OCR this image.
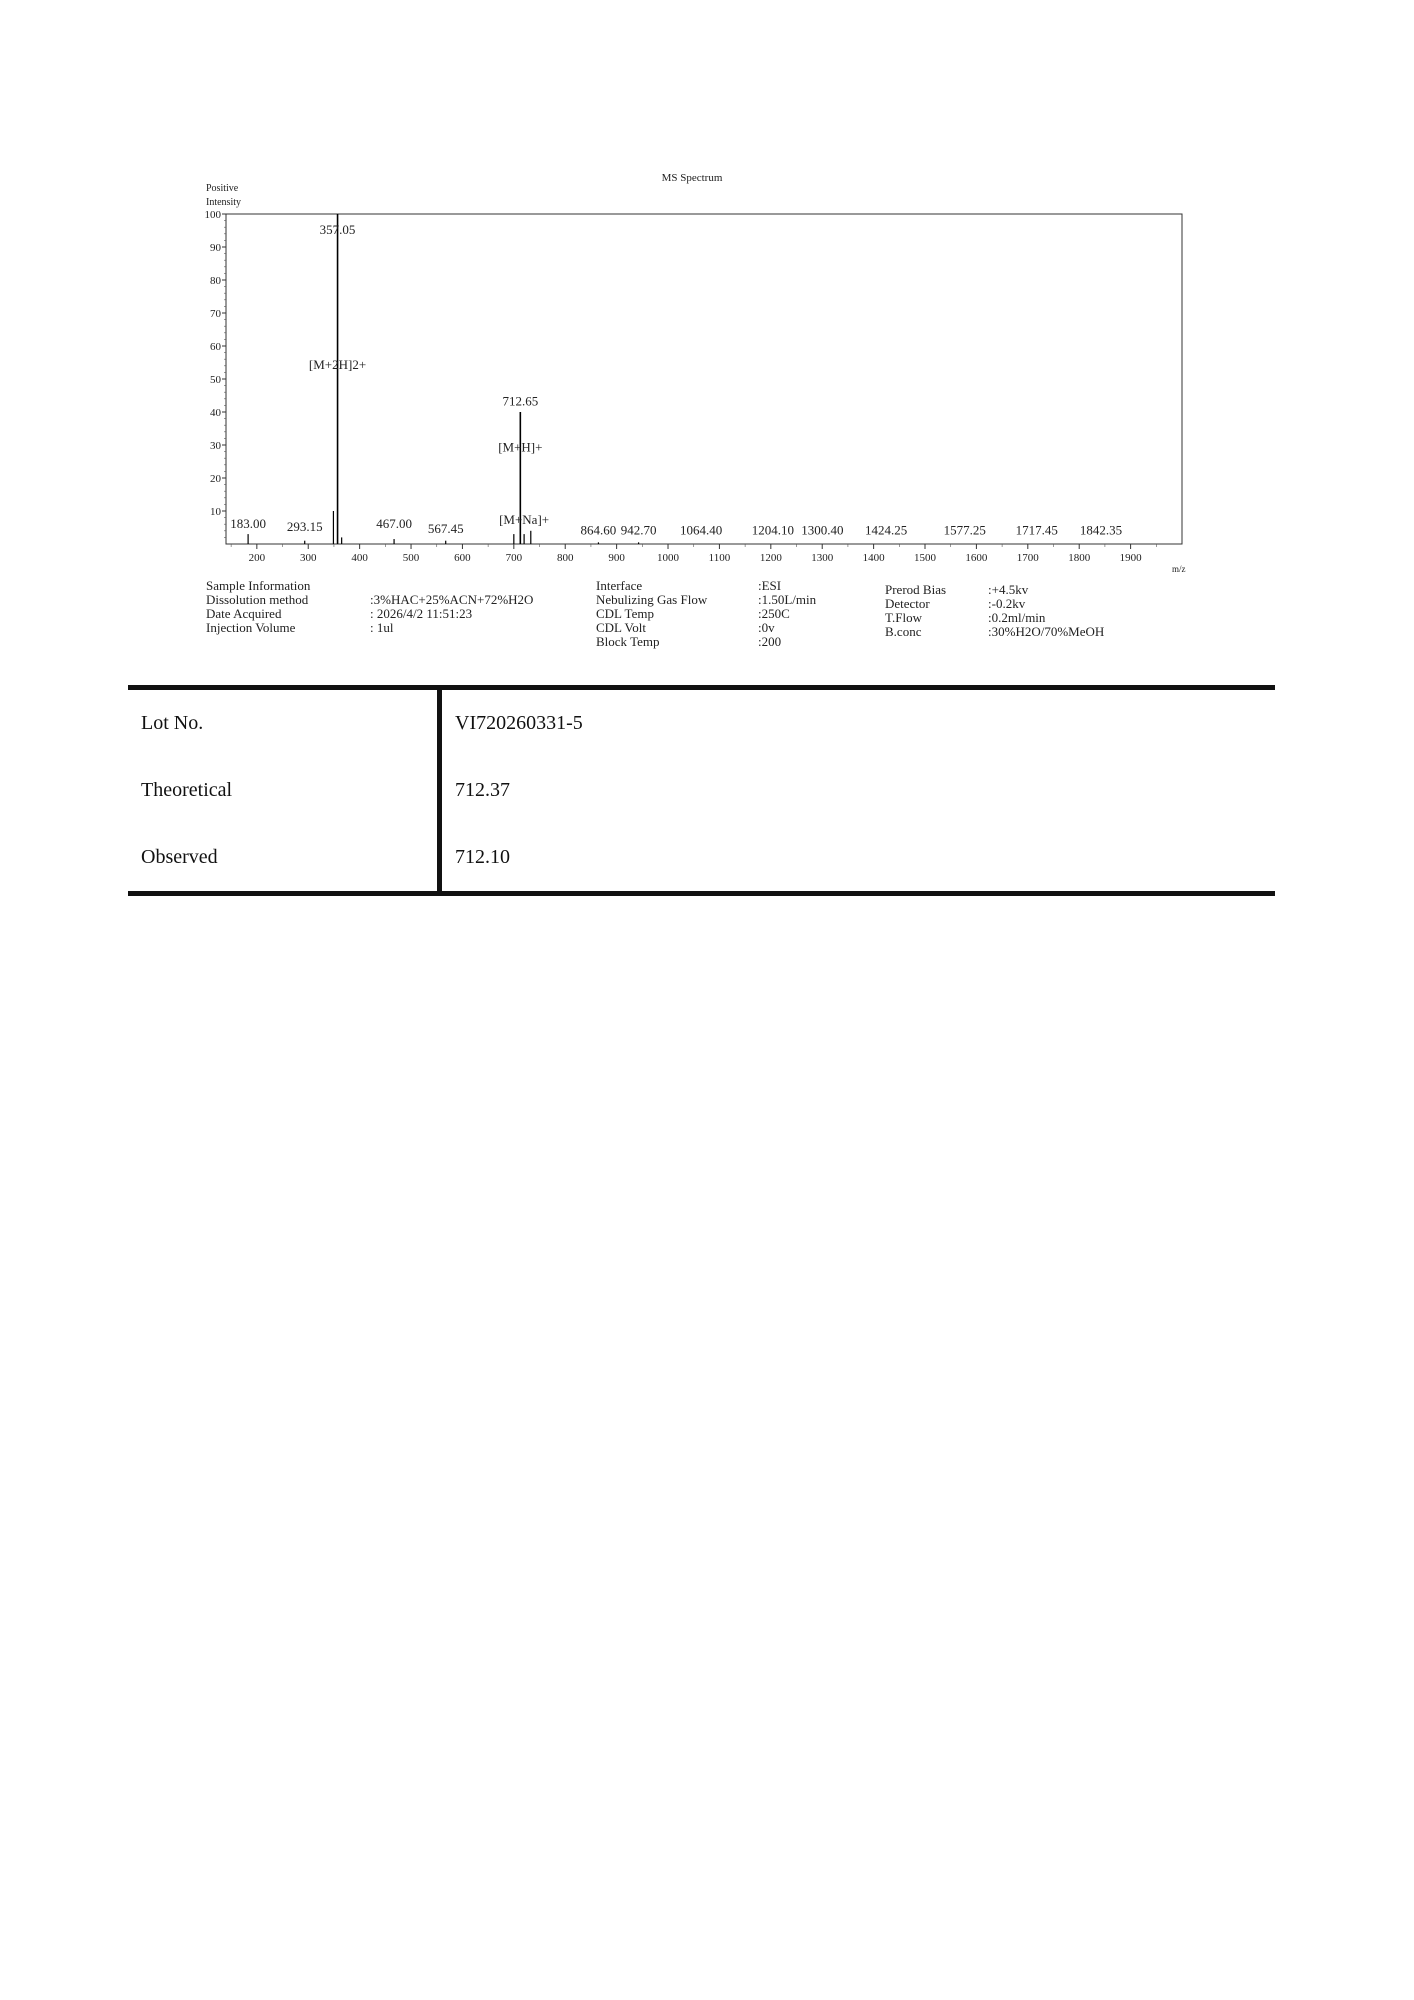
MS Spectrum
Positive
Intensity
m/z
10
20
30
40
50
60
70
80
90
100
200	300	400	500	600	700	800	900	1000	1100	1200	1300	1400	1500	1600	1700	1800	1900
183.00 293.15
357.05
467.00 567.45
712.65
864.60 942.70 1064.40 1204.10 1300.40 1424.25	1577.25 1717.45 1842.35
[M+2H]2+
[M+H]+
[M+Na]+
Sample Information
Dissolution method	:3%HAC+25%ACN+72%H2O
Date Acquired	: 2026/4/2 11:51:23
Injection Volume	: 1ul
Interface	:ESI
Nebulizing Gas Flow	:1.50L/min
CDL Temp	:250C
CDL Volt	:0v
Block Temp	:200
Prerod Bias	:+4.5kv
Detector	:-0.2kv
T.Flow	:0.2ml/min
B.conc	:30%H2O/70%MeOH
Lot No.	VI720260331-5
Theoretical	712.37
Observed	712.10
